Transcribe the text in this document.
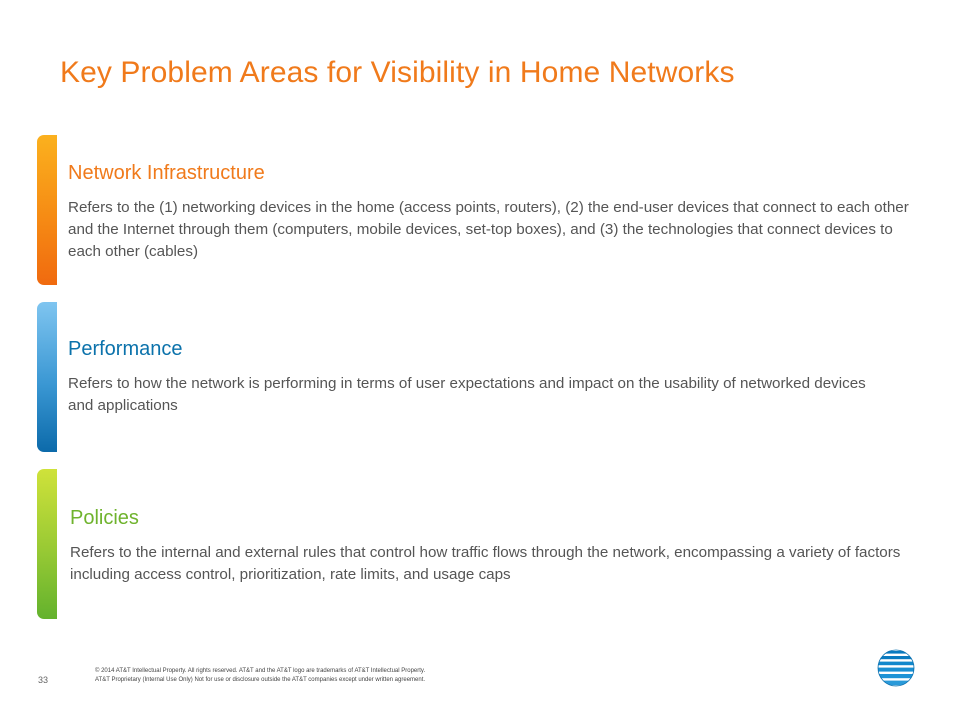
Key Problem Areas for Visibility in Home Networks
Network Infrastructure

Refers to the (1) networking devices in the home (access points, routers), (2) the end-user devices that connect to each other and the Internet through them (computers, mobile devices, set-top boxes), and (3) the technologies that connect devices to each other (cables)

Performance

Refers to how the network is performing in terms of user expectations and impact on the usability of networked devices and applications

Policies

Refers to the internal and external rules that control how traffic flows through the network, encompassing a variety of factors including access control, prioritization, rate limits, and usage caps

33
© 2014 AT&T Intellectual Property. All rights reserved. AT&T and the AT&T logo are trademarks of AT&T Intellectual Property.
AT&T Proprietary (Internal Use Only) Not for use or disclosure outside the AT&T companies except under written agreement.
